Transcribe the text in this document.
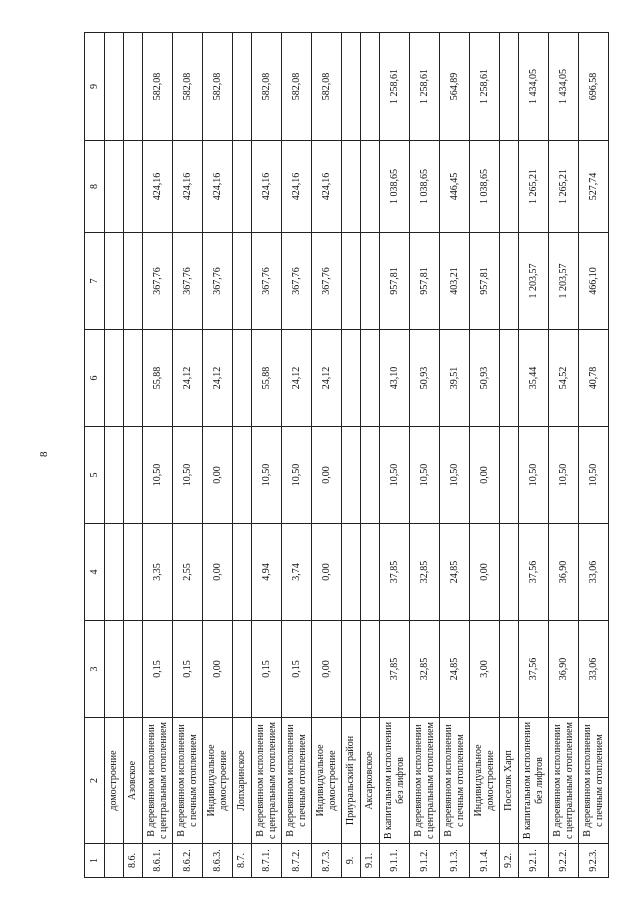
8
1	2	3	4	5	6	7	8	9
	домостроение							
8.6.	Азовское							
8.6.1.	В деревянном исполнении с центральным отоплением	0,15	3,35	10,50	55,88	367,76	424,16	582,08
8.6.2.	В деревянном исполнении с печным отоплением	0,15	2,55	10,50	24,12	367,76	424,16	582,08
8.6.3.	Индивидуальное домостроение	0,00	0,00	0,00	24,12	367,76	424,16	582,08
8.7.	Лопхаринское							
8.7.1.	В деревянном исполнении с центральным отоплением	0,15	4,94	10,50	55,88	367,76	424,16	582,08
8.7.2.	В деревянном исполнении с печным отоплением	0,15	3,74	10,50	24,12	367,76	424,16	582,08
8.7.3.	Индивидуальное домостроение	0,00	0,00	0,00	24,12	367,76	424,16	582,08
9.	Приуральский район							
9.1.	Аксарковское							
9.1.1.	В капитальном исполнении без лифтов	37,85	37,85	10,50	43,10	957,81	1 038,65	1 258,61
9.1.2.	В деревянном исполнении с центральным отоплением	32,85	32,85	10,50	50,93	957,81	1 038,65	1 258,61
9.1.3.	В деревянном исполнении с печным отоплением	24,85	24,85	10,50	39,51	403,21	446,45	564,89
9.1.4.	Индивидуальное домостроение	3,00	0,00	0,00	50,93	957,81	1 038,65	1 258,61
9.2.	Поселок Харп							
9.2.1.	В капитальном исполнении без лифтов	37,56	37,56	10,50	35,44	1 203,57	1 265,21	1 434,05
9.2.2.	В деревянном исполнении с центральным отоплением	36,90	36,90	10,50	54,52	1 203,57	1 265,21	1 434,05
9.2.3.	В деревянном исполнении с печным отоплением	33,06	33,06	10,50	40,78	466,10	527,74	696,58
